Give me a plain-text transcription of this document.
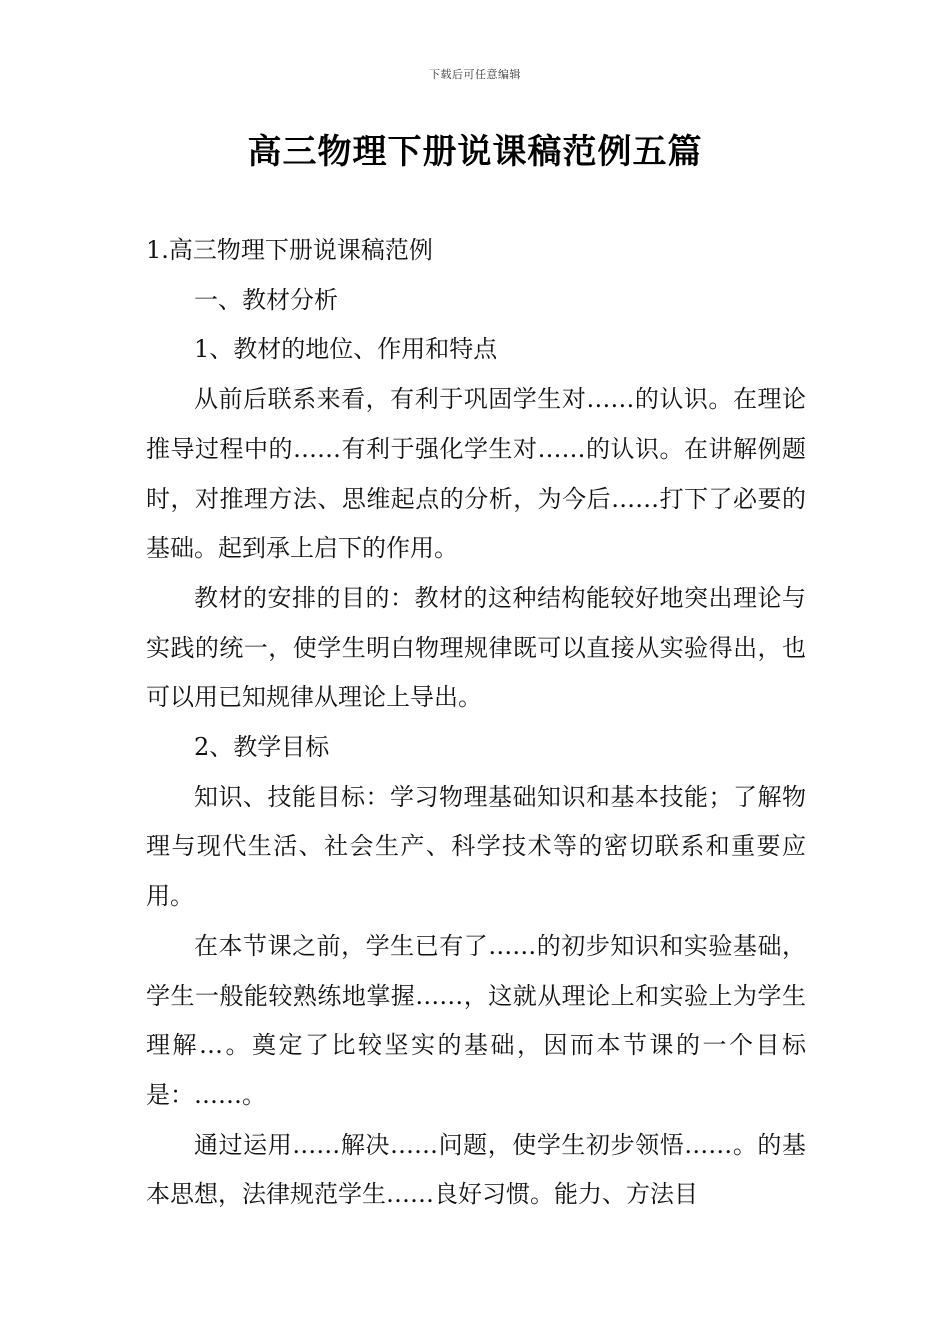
下载后可任意编辑
高三物理下册说课稿范例五篇

1.高三物理下册说课稿范例

一、教材分析

1、教材的地位、作用和特点

从前后联系来看，有利于巩固学生对……的认识。在理论推导过程中的……有利于强化学生对……的认识。在讲解例题时，对推理方法、思维起点的分析，为今后……打下了必要的基础。起到承上启下的作用。

教材的安排的目的：教材的这种结构能较好地突出理论与实践的统一，使学生明白物理规律既可以直接从实验得出，也可以用已知规律从理论上导出。

2、教学目标

知识、技能目标：学习物理基础知识和基本技能；了解物理与现代生活、社会生产、科学技术等的密切联系和重要应用。

在本节课之前，学生已有了……的初步知识和实验基础，学生一般能较熟练地掌握……，这就从理论上和实验上为学生理解…。奠定了比较坚实的基础，因而本节课的一个目标是：……。

通过运用……解决……问题，使学生初步领悟……。的基本思想，法律规范学生……良好习惯。能力、方法目
